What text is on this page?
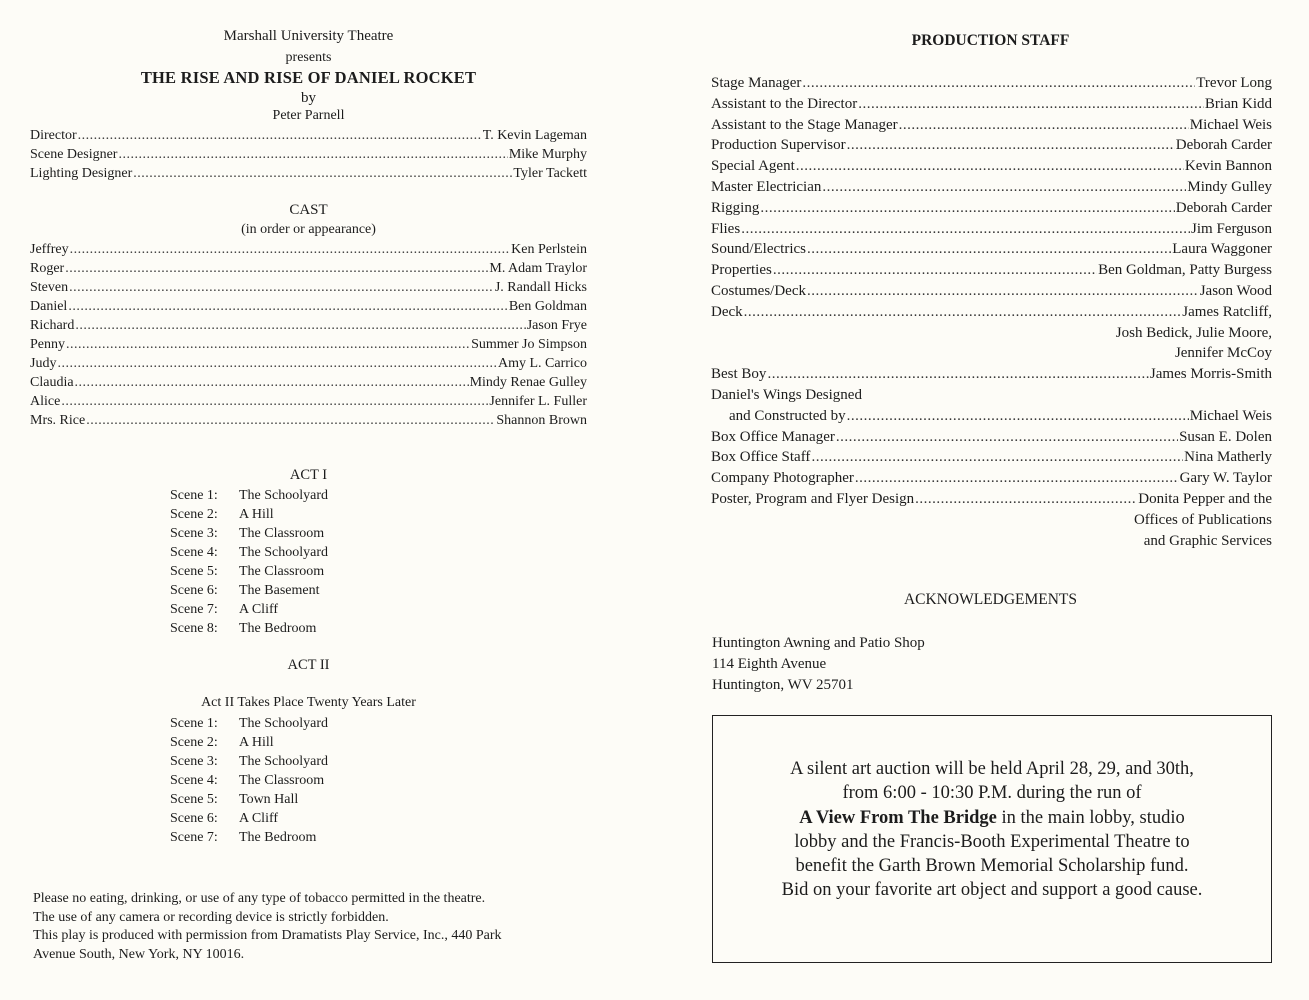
Marshall University Theatre
presents
THE RISE AND RISE OF DANIEL ROCKET
by
Peter Parnell
Director .....	T. Kevin Lageman
Scene Designer .....	Mike Murphy
Lighting Designer .....	Tyler Tackett
CAST
(in order or appearance)
Jeffrey .....	Ken Perlstein
Roger .....	M. Adam Traylor
Steven .....	J. Randall Hicks
Daniel .....	Ben Goldman
Richard .....	Jason Frye
Penny .....	Summer Jo Simpson
Judy .....	Amy L. Carrico
Claudia .....	Mindy Renae Gulley
Alice .....	Jennifer L. Fuller
Mrs. Rice .....	Shannon Brown
ACT I
Scene 1:	The Schoolyard
Scene 2:	A Hill
Scene 3:	The Classroom
Scene 4:	The Schoolyard
Scene 5:	The Classroom
Scene 6:	The Basement
Scene 7:	A Cliff
Scene 8:	The Bedroom
ACT II
Act II Takes Place Twenty Years Later
Scene 1:	The Schoolyard
Scene 2:	A Hill
Scene 3:	The Schoolyard
Scene 4:	The Classroom
Scene 5:	Town Hall
Scene 6:	A Cliff
Scene 7:	The Bedroom
Please no eating, drinking, or use of any type of tobacco permitted in the theatre.
The use of any camera or recording device is strictly forbidden.
This play is produced with permission from Dramatists Play Service, Inc., 440 Park
Avenue South, New York, NY 10016.
PRODUCTION STAFF
Stage Manager .....	Trevor Long
Assistant to the Director .....	Brian Kidd
Assistant to the Stage Manager .....	Michael Weis
Production Supervisor .....	Deborah Carder
Special Agent .....	Kevin Bannon
Master Electrician .....	Mindy Gulley
Rigging .....	Deborah Carder
Flies .....	Jim Ferguson
Sound/Electrics .....	Laura Waggoner
Properties .....	Ben Goldman, Patty Burgess
Costumes/Deck .....	Jason Wood
Deck .....	James Ratcliff,
Josh Bedick, Julie Moore,
Jennifer McCoy
Best Boy .....	James Morris-Smith
Daniel's Wings Designed
and Constructed by .....	Michael Weis
Box Office Manager .....	Susan E. Dolen
Box Office Staff .....	Nina Matherly
Company Photographer .....	Gary W. Taylor
Poster, Program and Flyer Design .....	Donita Pepper and the
Offices of Publications
and Graphic Services
ACKNOWLEDGEMENTS
Huntington Awning and Patio Shop
114 Eighth Avenue
Huntington, WV 25701
A silent art auction will be held April 28, 29, and 30th,
from 6:00 - 10:30 P.M. during the run of
A View From The Bridge in the main lobby, studio
lobby and the Francis-Booth Experimental Theatre to
benefit the Garth Brown Memorial Scholarship fund.
Bid on your favorite art object and support a good cause.
